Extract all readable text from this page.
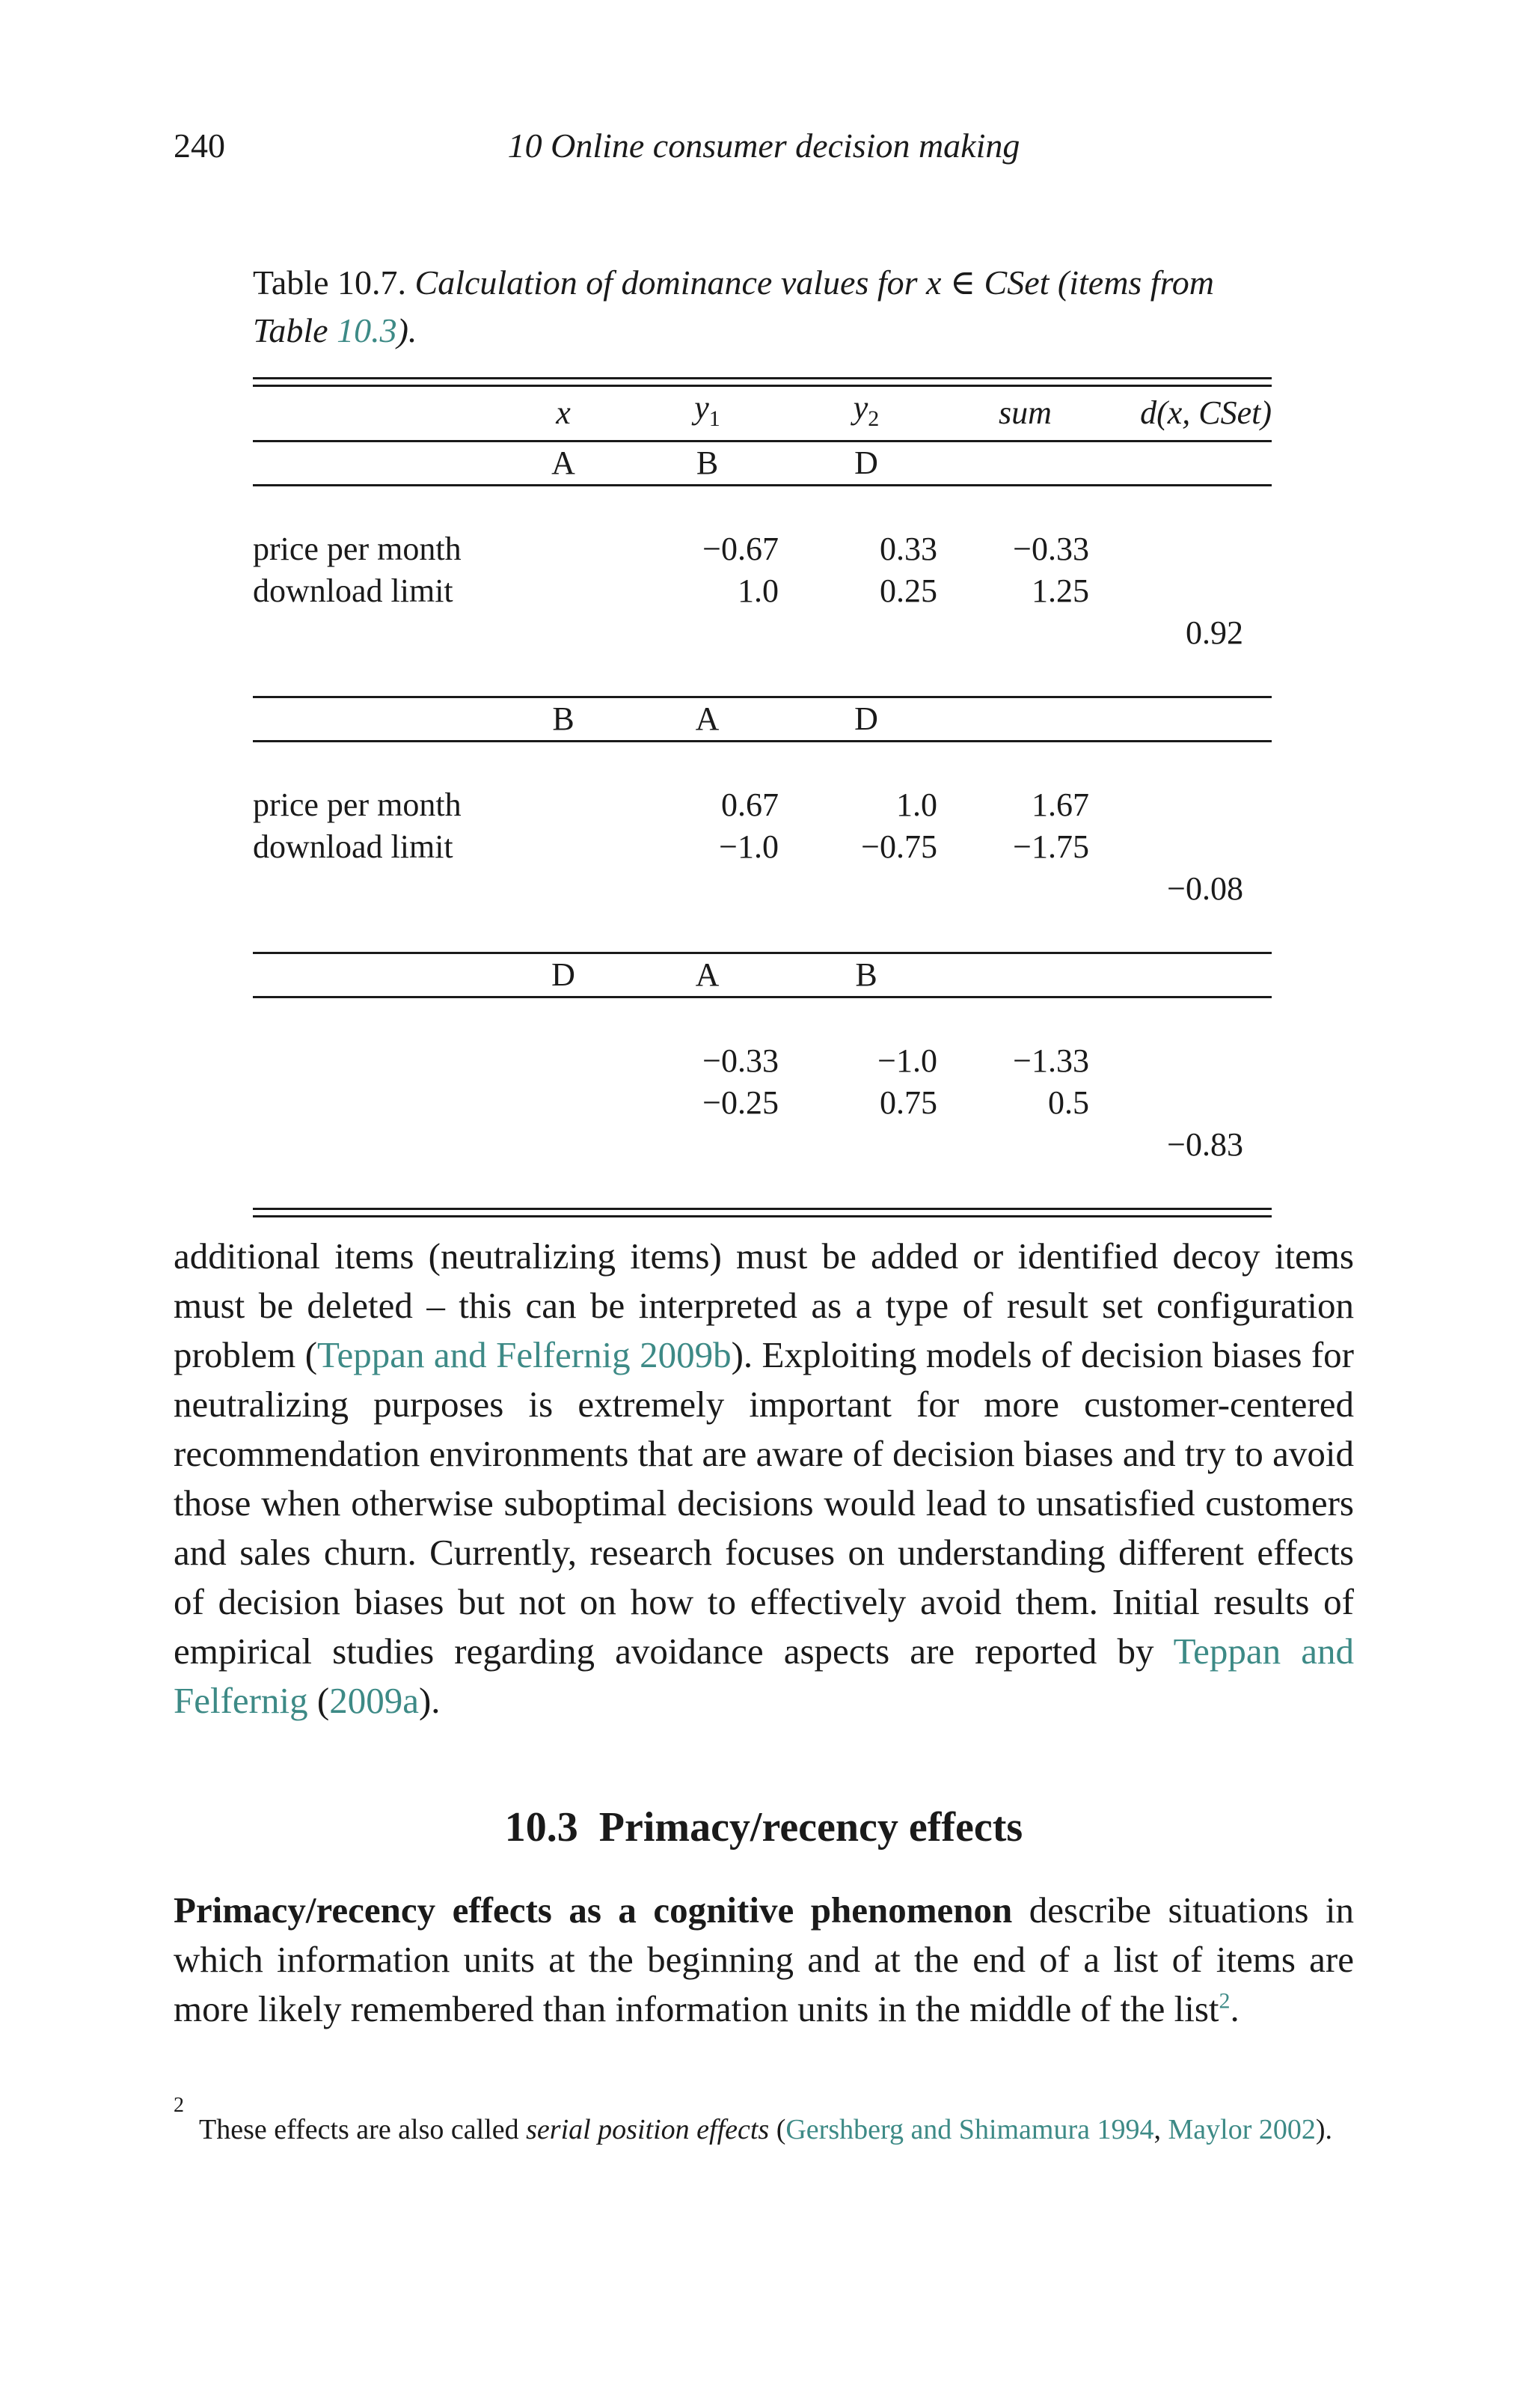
240	10 Online consumer decision making
Table 10.7. Calculation of dominance values for x ∈ CSet (items from Table 10.3).
	x	$y_1$	$y_2$	sum	d(x, CSet)
	A	B	D		

price per month		−0.67	0.33	−0.33	
download limit		1.0	0.25	1.25	
					0.92

	B	A	D		

price per month		0.67	1.0	1.67	
download limit		−1.0	−0.75	−1.75	
					−0.08

	D	A	B		

		−0.33	−1.0	−1.33	
		−0.25	0.75	0.5	
					−0.83

additional items (neutralizing items) must be added or identified decoy items must be deleted – this can be interpreted as a type of result set configuration problem (Teppan and Felfernig 2009b). Exploiting models of decision biases for neutralizing purposes is extremely important for more customer-centered recommendation environments that are aware of decision biases and try to avoid those when otherwise suboptimal decisions would lead to unsatisfied customers and sales churn. Currently, research focuses on understanding different effects of decision biases but not on how to effectively avoid them. Initial results of empirical studies regarding avoidance aspects are reported by Teppan and Felfernig (2009a).

10.3 Primacy/recency effects
Primacy/recency effects as a cognitive phenomenon describe situations in which information units at the beginning and at the end of a list of items are more likely remembered than information units in the middle of the list$^2$.
2
These effects are also called serial position effects (Gershberg and Shimamura 1994, Maylor 2002).
